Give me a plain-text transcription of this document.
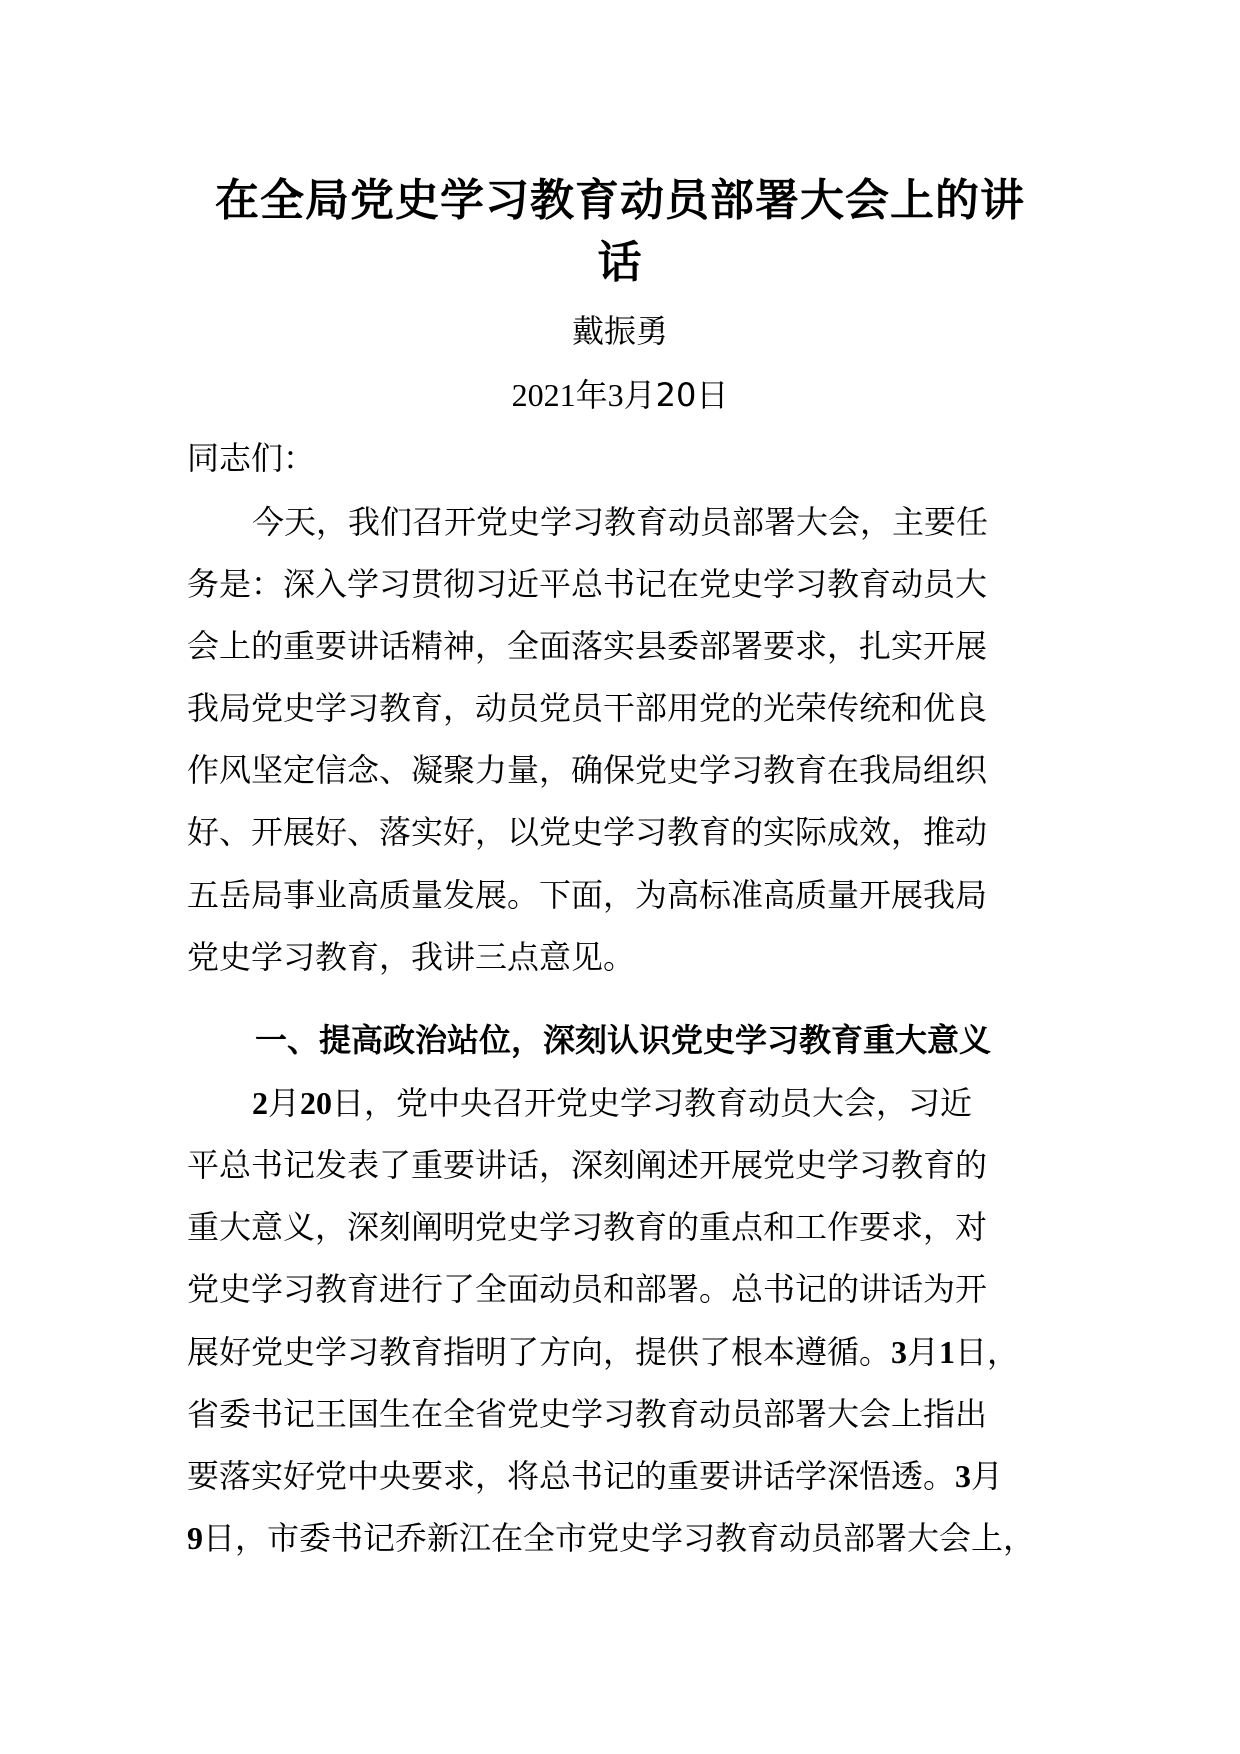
在全局党史学习教育动员部署大会上的讲
话
戴振勇
2021年3月20日
同志们：
今天，我们召开党史学习教育动员部署大会，主要任
务是：深入学习贯彻习近平总书记在党史学习教育动员大
会上的重要讲话精神，全面落实县委部署要求，扎实开展
我局党史学习教育，动员党员干部用党的光荣传统和优良
作风坚定信念、凝聚力量，确保党史学习教育在我局组织
好、开展好、落实好，以党史学习教育的实际成效，推动
五岳局事业高质量发展。下面，为高标准高质量开展我局
党史学习教育，我讲三点意见。
一、提高政治站位，深刻认识党史学习教育重大意义
2月20日，党中央召开党史学习教育动员大会，习近
平总书记发表了重要讲话，深刻阐述开展党史学习教育的
重大意义，深刻阐明党史学习教育的重点和工作要求，对
党史学习教育进行了全面动员和部署。总书记的讲话为开
展好党史学习教育指明了方向，提供了根本遵循。3月1日，
省委书记王国生在全省党史学习教育动员部署大会上指出
要落实好党中央要求，将总书记的重要讲话学深悟透。3月
9日，市委书记乔新江在全市党史学习教育动员部署大会上，
